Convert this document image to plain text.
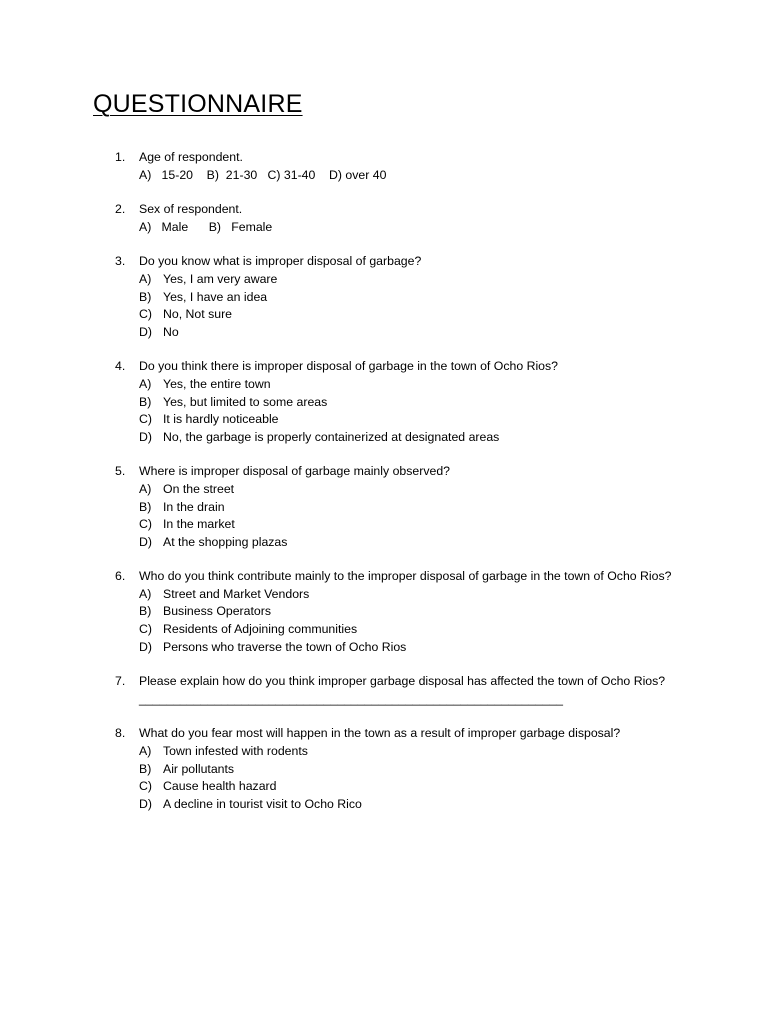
QUESTIONNAIRE
1. Age of respondent.
A)   15-20    B)  21-30   C) 31-40    D) over 40
2. Sex of respondent.
A)   Male      B)   Female
3. Do you know what is improper disposal of garbage?
A) Yes, I am very aware
B) Yes, I have an idea
C) No, Not sure
D) No
4. Do you think there is improper disposal of garbage in the town of Ocho Rios?
A) Yes, the entire town
B) Yes, but limited to some areas
C) It is hardly noticeable
D) No, the garbage is properly containerized at designated areas
5. Where is improper disposal of garbage mainly observed?
A) On the street
B) In the drain
C) In the market
D) At the shopping plazas
6. Who do you think contribute mainly to the improper disposal of garbage in the town of Ocho Rios?
A) Street and Market Vendors
B) Business Operators
C) Residents of Adjoining communities
D) Persons who traverse the town of Ocho Rios
7. Please explain how do you think improper garbage disposal has affected the town of Ocho Rios?______________________________________________________________
8. What do you fear most will happen in the town as a result of improper garbage disposal?
A) Town infested with rodents
B) Air pollutants
C) Cause health hazard
D) A decline in tourist visit to Ocho Rico
